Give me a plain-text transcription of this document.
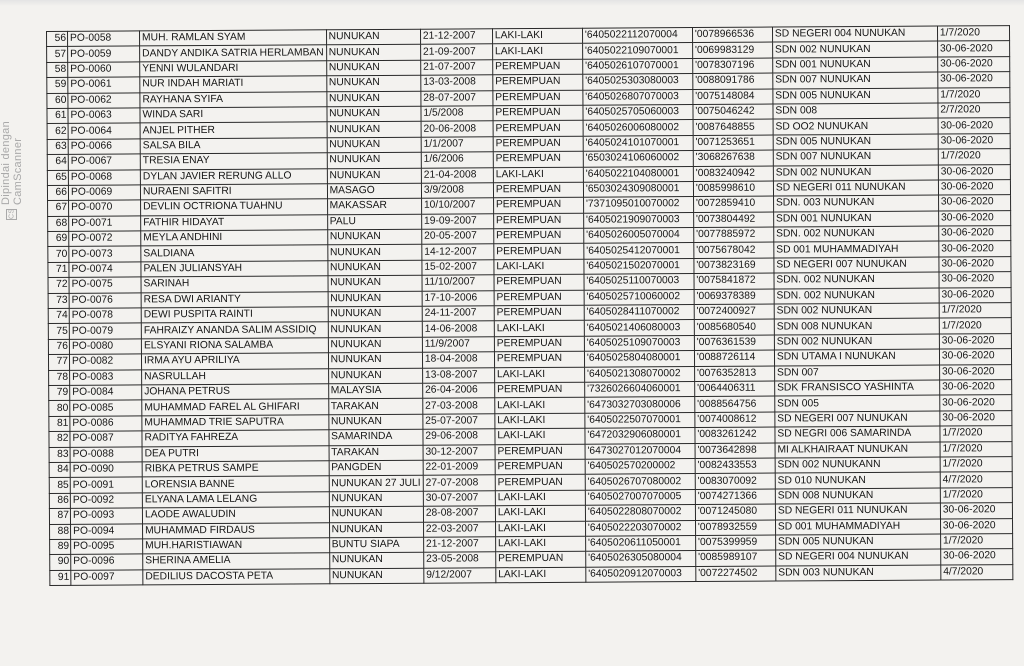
CS
Dipindai dengan CamScanner
56	PO-0058	MUH. RAMLAN SYAM	NUNUKAN	21-12-2007	LAKI-LAKI	'6405022112070004	'0078966536	SD NEGERI 004 NUNUKAN	1/7/2020
57	PO-0059	DANDY ANDIKA SATRIA HERLAMBAN	NUNUKAN	21-09-2007	LAKI-LAKI	'6405022109070001	'0069983129	SDN 002 NUNUKAN	30-06-2020
58	PO-0060	YENNI WULANDARI	NUNUKAN	21-07-2007	PEREMPUAN	'6405026107070001	'0078307196	SDN 001 NUNUKAN	30-06-2020
59	PO-0061	NUR INDAH MARIATI	NUNUKAN	13-03-2008	PEREMPUAN	'6405025303080003	'0088091786	SDN 007 NUNUKAN	30-06-2020
60	PO-0062	RAYHANA SYIFA	NUNUKAN	28-07-2007	PEREMPUAN	'6405026807070003	'0075148084	SDN 005 NUNUKAN	1/7/2020
61	PO-0063	WINDA SARI	NUNUKAN	1/5/2008	PEREMPUAN	'6405025705060003	'0075046242	SDN 008	2/7/2020
62	PO-0064	ANJEL PITHER	NUNUKAN	20-06-2008	PEREMPUAN	'6405026006080002	'0087648855	SD OO2 NUNUKAN	30-06-2020
63	PO-0066	SALSA BILA	NUNUKAN	1/1/2007	PEREMPUAN	'6405024101070001	'0071253651	SDN 005 NUNUKAN	30-06-2020
64	PO-0067	TRESIA ENAY	NUNUKAN	1/6/2006	PEREMPUAN	'6503024106060002	'3068267638	SDN 007 NUNUKAN	1/7/2020
65	PO-0068	DYLAN JAVIER RERUNG ALLO	NUNUKAN	21-04-2008	LAKI-LAKI	'6405022104080001	'0083240942	SDN 002 NUNUKAN	30-06-2020
66	PO-0069	NURAENI SAFITRI	MASAGO	3/9/2008	PEREMPUAN	'6503024309080001	'0085998610	SD NEGERI 011 NUNUKAN	30-06-2020
67	PO-0070	DEVLIN OCTRIONA TUAHNU	MAKASSAR	10/10/2007	PEREMPUAN	'7371095010070002	'0072859410	SDN. 003 NUNUKAN	30-06-2020
68	PO-0071	FATHIR HIDAYAT	PALU	19-09-2007	PEREMPUAN	'6405021909070003	'0073804492	SDN 001 NUNUKAN	30-06-2020
69	PO-0072	MEYLA ANDHINI	NUNUKAN	20-05-2007	PEREMPUAN	'6405026005070004	'0077885972	SDN. 002 NUNUKAN	30-06-2020
70	PO-0073	SALDIANA	NUNUKAN	14-12-2007	PEREMPUAN	'6405025412070001	'0075678042	SD 001 MUHAMMADIYAH	30-06-2020
71	PO-0074	PALEN JULIANSYAH	NUNUKAN	15-02-2007	LAKI-LAKI	'6405021502070001	'0073823169	SD NEGERI 007 NUNUKAN	30-06-2020
72	PO-0075	SARINAH	NUNUKAN	11/10/2007	PEREMPUAN	'6405025110070003	'0075841872	SDN. 002 NUNUKAN	30-06-2020
73	PO-0076	RESA DWI ARIANTY	NUNUKAN	17-10-2006	PEREMPUAN	'6405025710060002	'0069378389	SDN. 002 NUNUKAN	30-06-2020
74	PO-0078	DEWI PUSPITA RAINTI	NUNUKAN	24-11-2007	PEREMPUAN	'6405028411070002	'0072400927	SDN 002 NUNUKAN	1/7/2020
75	PO-0079	FAHRAIZY ANANDA SALIM ASSIDIQ	NUNUKAN	14-06-2008	LAKI-LAKI	'6405021406080003	'0085680540	SDN 008 NUNUKAN	1/7/2020
76	PO-0080	ELSYANI RIONA SALAMBA	NUNUKAN	11/9/2007	PEREMPUAN	'6405025109070003	'0076361539	SDN 002 NUNUKAN	30-06-2020
77	PO-0082	IRMA AYU APRILIYA	NUNUKAN	18-04-2008	PEREMPUAN	'6405025804080001	'0088726114	SDN UTAMA I NUNUKAN	30-06-2020
78	PO-0083	NASRULLAH	NUNUKAN	13-08-2007	LAKI-LAKI	'6405021308070002	'0076352813	SDN 007	30-06-2020
79	PO-0084	JOHANA PETRUS	MALAYSIA	26-04-2006	PEREMPUAN	'7326026604060001	'0064406311	SDK FRANSISCO YASHINTA	30-06-2020
80	PO-0085	MUHAMMAD FAREL AL GHIFARI	TARAKAN	27-03-2008	LAKI-LAKI	'6473032703080006	'0088564756	SDN 005	30-06-2020
81	PO-0086	MUHAMMAD TRIE SAPUTRA	NUNUKAN	25-07-2007	LAKI-LAKI	'6405022507070001	'0074008612	SD NEGERI 007 NUNUKAN	30-06-2020
82	PO-0087	RADITYA FAHREZA	SAMARINDA	29-06-2008	LAKI-LAKI	'6472032906080001	'0083261242	SD NEGRI 006 SAMARINDA	1/7/2020
83	PO-0088	DEA PUTRI	TARAKAN	30-12-2007	PEREMPUAN	'6473027012070004	'0073642898	MI ALKHAIRAAT NUNUKAN	1/7/2020
84	PO-0090	RIBKA PETRUS SAMPE	PANGDEN	22-01-2009	PEREMPUAN	'640502570200002	'0082433553	SDN 002 NUNUKANN	1/7/2020
85	PO-0091	LORENSIA BANNE	NUNUKAN 27 JULI	27-07-2008	PEREMPUAN	'6405026707080002	'0083070092	SD 010 NUNUKAN	4/7/2020
86	PO-0092	ELYANA LAMA LELANG	NUNUKAN	30-07-2007	LAKI-LAKI	'6405027007070005	'0074271366	SDN 008 NUNUKAN	1/7/2020
87	PO-0093	LAODE AWALUDIN	NUNUKAN	28-08-2007	LAKI-LAKI	'6405022808070002	'0071245080	SD NEGERI 011 NUNUKAN	30-06-2020
88	PO-0094	MUHAMMAD FIRDAUS	NUNUKAN	22-03-2007	LAKI-LAKI	'6405022203070002	'0078932559	SD 001 MUHAMMADIYAH	30-06-2020
89	PO-0095	MUH.HARISTIAWAN	BUNTU SIAPA	21-12-2007	LAKI-LAKI	'6405020611050001	'0075399959	SDN 005 NUNUKAN	1/7/2020
90	PO-0096	SHERINA AMELIA	NUNUKAN	23-05-2008	PEREMPUAN	'6405026305080004	'0085989107	SD NEGERI 004 NUNUKAN	30-06-2020
91	PO-0097	DEDILIUS DACOSTA PETA	NUNUKAN	9/12/2007	LAKI-LAKI	'6405020912070003	'0072274502	SDN 003 NUNUKAN	4/7/2020
